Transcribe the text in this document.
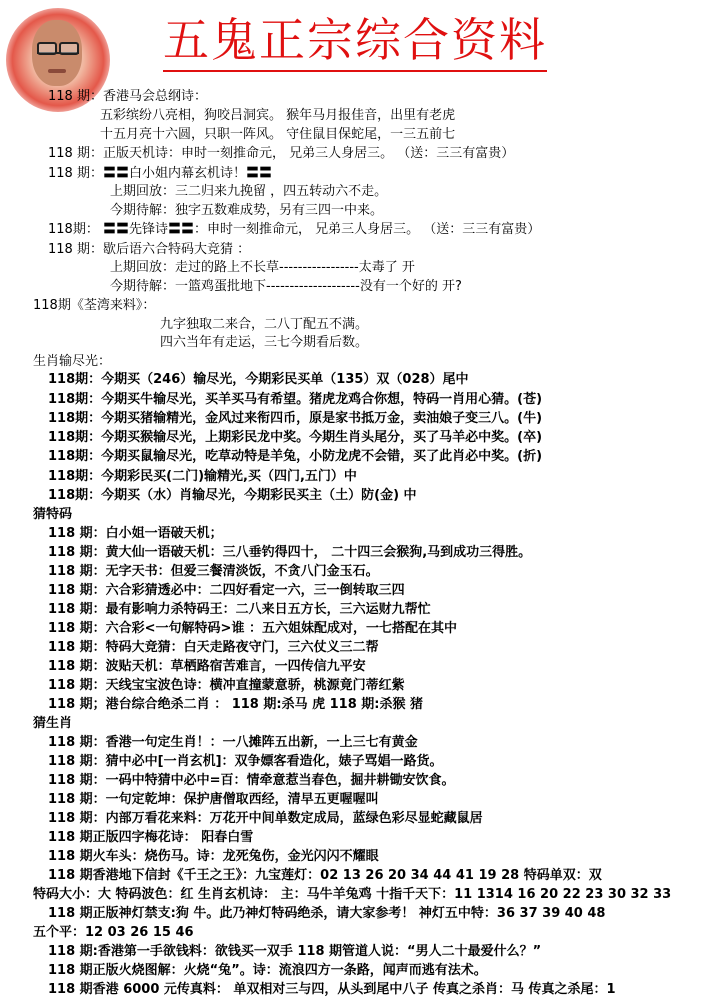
五鬼正宗综合资料
118 期：香港马会总纲诗：
五彩缤纷八亮相，狗咬吕洞宾。 猴年马月报佳音，出里有老虎
十五月亮十六圆，只职一阵风。 守住鼠目保蛇尾，一三五前七
118 期：正版天机诗：申时一刻推命元， 兄弟三人身居三。 （送：三三有富贵）
118 期：〓〓白小姐内幕玄机诗！〓〓
上期回放：三二归来九挽留 ，四五转动六不走。
今期待解：独字五数难成势，另有三四一中来。
118期： 〓〓先锋诗〓〓：申时一刻推命元， 兄弟三人身居三。 （送：三三有富贵）
118 期：歇后语六合特码大竞猜 ：
上期回放：走过的路上不长草-----------------太毒了 开
今期待解：一篮鸡蛋批地下--------------------没有一个好的 开?
118期《荃湾来料》：
九字独取二来合，二八丁配五不满。
四六当年有走运，三七今期看后数。
生肖输尽光：
118期：今期买（246）输尽光，今期彩民买单（135）双（028）尾中
118期：今期买牛输尽光，买羊买马有希望。猪虎龙鸡合你想，特码一肖用心猜。(苍)
118期：今期买猪输精光，金风过来衔四币，原是家书抵万金，卖油娘子变三八。(牛)
118期：今期买猴输尽光，上期彩民龙中奖。今期生肖头尾分，买了马羊必中奖。(卒)
118期：今期买鼠输尽光，吃草动特是羊兔，小防龙虎不会错，买了此肖必中奖。(折)
118期：今期彩民买(二门)输精光,买（四门,五门）中
118期：今期买（水）肖输尽光，今期彩民买主（土）防(金) 中
猜特码
118 期：白小姐一语破天机；
118 期：黄大仙一语破天机：三八垂钓得四十， 二十四三会猴狗,马到成功三得胜。
118 期：无字天书：但爱三餐清淡饭，不贪八门金玉石。
118 期：六合彩猜透必中：二四好看定一六，三一倒转取三四
118 期：最有影响力杀特码王：二八来日五方长，三六运财九帮忙
118 期：六合彩<一句解特码>谁 ：五六姐妹配成对，一七搭配在其中
118 期：特码大竞猜：白天走路夜守门，三六仗义三二帮
118 期：波贴天机：草栖路宿苦难言，一四传信九平安
118 期：天线宝宝波色诗：横冲直撞蒙意骄，桃源竟门蒂红紫
118 期；港台综合绝杀二肖 ： 118 期:杀马 虎 118 期:杀猴 猪
猜生肖
118 期：香港一句定生肖！：一八摊阵五出新，一上三七有黄金
118 期：猜中必中[一肖玄机]：双争嫖客看造化，婊子骂娼一路货。
118 期：一码中特猜中必中=百：情牵意惹当春色，掘井耕锄安饮食。
118 期：一句定乾坤：保护唐僧取西经，清早五更喔喔叫
118 期：内部万看花来料：万花开中间单数定成局，蓝绿色彩尽显蛇藏鼠居
118 期正版四字梅花诗： 阳春白雪
118 期火车头：烧伤马。诗：龙死兔伤，金光闪闪不耀眼
118 期香港地下信封《千王之王》：九宝莲灯：02 13 26 20 34 44 41 19 28 特码单双：双
特码大小：大 特码波色：红 生肖玄机诗： 主：马牛羊兔鸡 十指千天下：11 1314 16 20 22 23 30 32 33
118 期正版神灯禁支:狗 牛。此乃神灯特码绝杀，请大家参考！ 神灯五中特：36 37 39 40 48
五个平：12 03 26 15 46
118 期:香港第一手欲钱料：欲钱买一双手 118 期管道人说：“男人二十最爱什么？”
118 期正版火烧图解：火烧“兔”。诗：流浪四方一条路，闻声而逃有法术。
118 期香港 6000 元传真料： 单双相对三与四，从头到尾中八子 传真之杀肖：马 传真之杀尾：1
